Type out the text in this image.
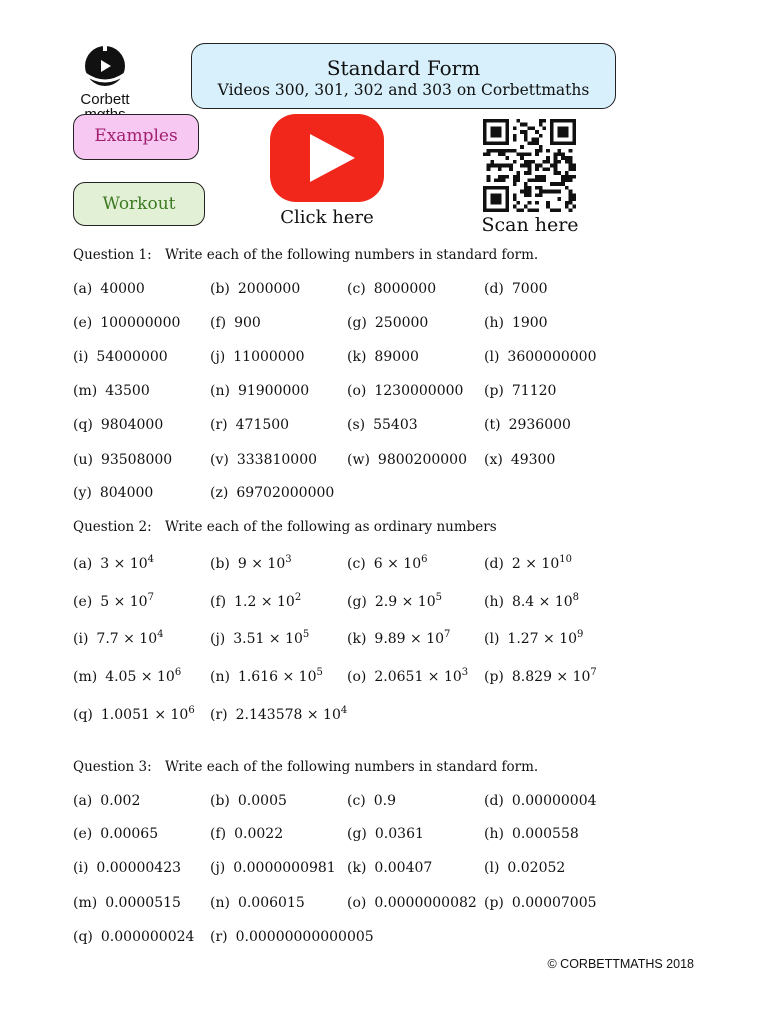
Corbett
Standard Form
Videos 300, 301, 302 and 303 on Corbettmaths
Examples
Workout
Click here	Scan here
Question 1: Write each of the following numbers in standard form.
(a) 40000	(b) 2000000	(c) 8000000	(d) 7000
(e) 100000000 (f) 900	(g) 250000	(h) 1900
(i) 54000000	(j) 11000000	(k) 89000	(l) 3600000000
(m) 43500	(n) 91900000	(o) 1230000000 (p) 71120
(q) 9804000	(r) 471500	(s) 55403	(t) 2936000
(u) 93508000	(v) 333810000 (w) 9800200000 (x) 49300
(y) 804000	(z) 69702000000
Question 2: Write each of the following as ordinary numbers
(a) $3 \times 10^4$	(b) $9 \times 10^3$	(c) $6 \times 10^6$	(d) $2 \times 10^{10}$
(e) $5 \times 10^7$	(f) $1.2 \times 10^2$	(g) $2.9 \times 10^5$	(h) $8.4 \times 10^8$
(i) $7.7 \times 10^4$	(j) $3.51 \times 10^5$	(k) $9.89 \times 10^7$ (l) $1.27 \times 10^9$
(m) $4.05 \times 10^6$ (n) $1.616 \times 10^5$ (o) $2.0651 \times 10^3$ (p) $8.829 \times 10^7$
(q) $1.0051 \times 10^6$ (r) $2.143578 \times 10^4$
Question 3: Write each of the following numbers in standard form.
(a) 0.002	(b) 0.0005	(c) 0.9	(d) 0.00000004
(e) 0.00065	(f) 0.0022	(g) 0.0361	(h) 0.000558
(i) 0.00000423 (j) 0.0000000981 (k) 0.00407	(l) 0.02052
(m) 0.0000515 (n) 0.006015	(o) 0.0000000082 (p) 0.00007005
(q) 0.000000024 (r) 0.00000000000005
© CORBETTMATHS 2018
